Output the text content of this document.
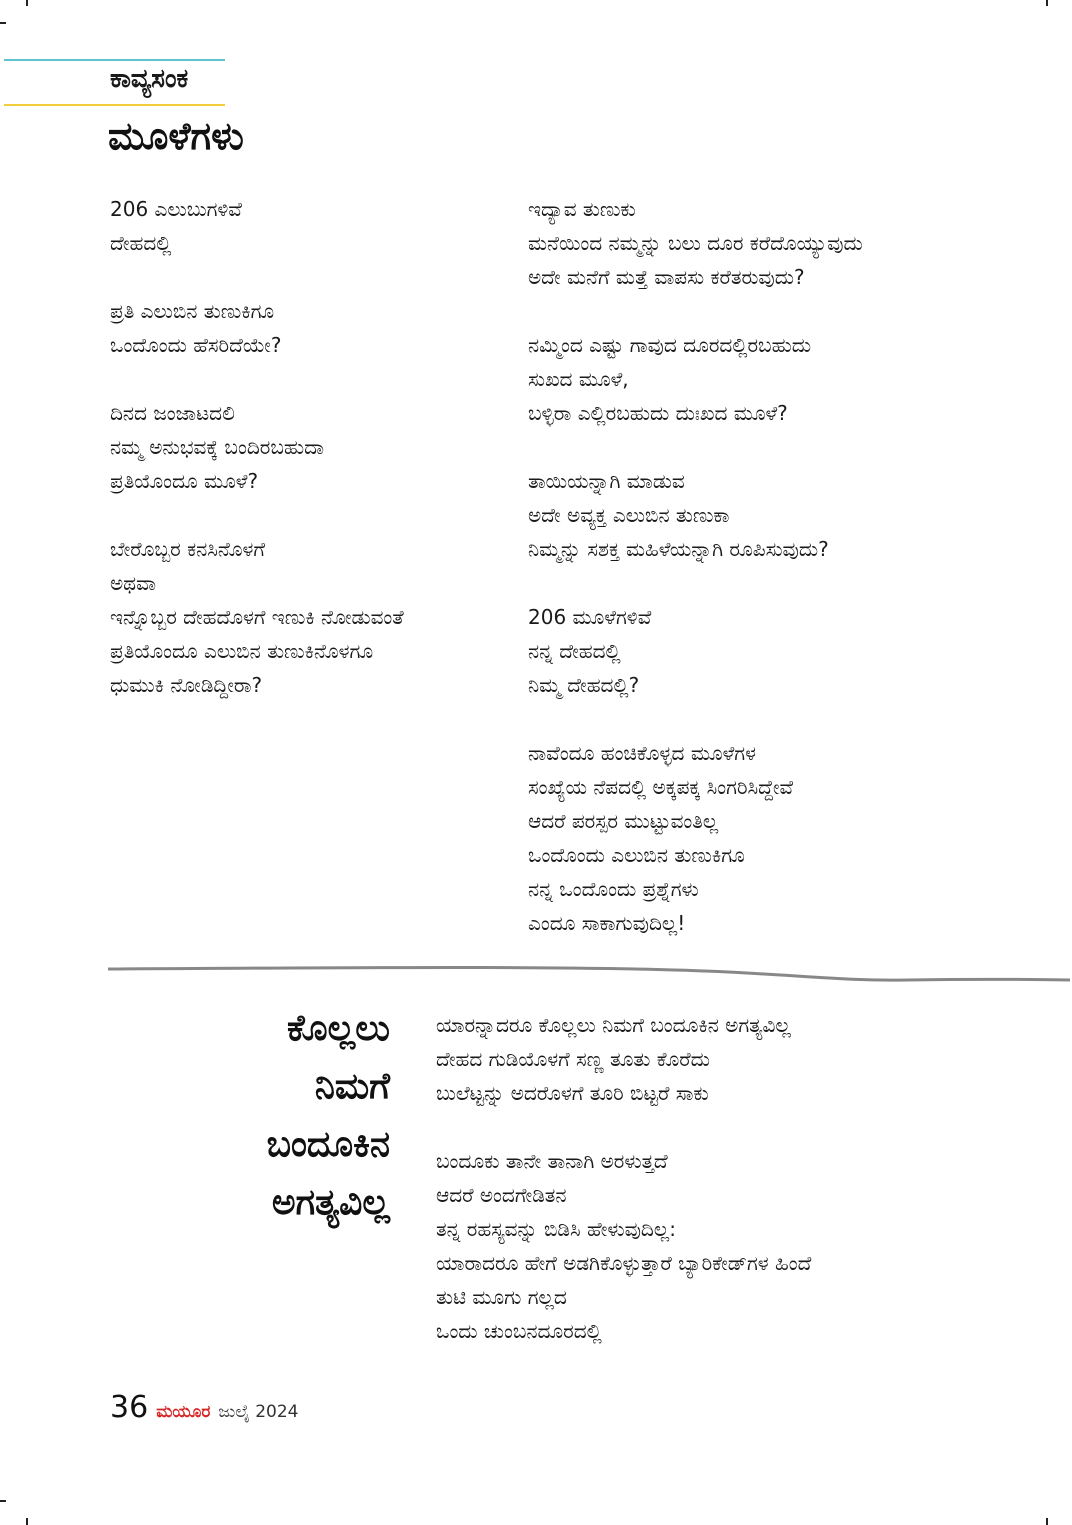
ಕಾವ್ಯಸಂಕ
ಮೂಳೆಗಳು
206 ಎಲುಬುಗಳಿವೆ
ದೇಹದಲ್ಲಿ
ಪ್ರತಿ ಎಲುಬಿನ ತುಣುಕಿಗೂ
ಒಂದೊಂದು ಹೆಸರಿದೆಯೇ?
ದಿನದ ಜಂಜಾಟದಲಿ
ನಮ್ಮ ಅನುಭವಕ್ಕೆ ಬಂದಿರಬಹುದಾ
ಪ್ರತಿಯೊಂದೂ ಮೂಳೆ?
ಬೇರೊಬ್ಬರ ಕನಸಿನೊಳಗೆ
ಅಥವಾ
ಇನ್ನೊಬ್ಬರ ದೇಹದೊಳಗೆ ಇಣುಕಿ ನೋಡುವಂತೆ
ಪ್ರತಿಯೊಂದೂ ಎಲುಬಿನ ತುಣುಕಿನೊಳಗೂ
ಧುಮುಕಿ ನೋಡಿದ್ದೀರಾ?
ಇದ್ಯಾವ ತುಣುಕು
ಮನೆಯಿಂದ ನಮ್ಮನ್ನು ಬಲು ದೂರ ಕರೆದೊಯ್ಯುವುದು
ಅದೇ ಮನೆಗೆ ಮತ್ತೆ ವಾಪಸು ಕರೆತರುವುದು?
ನಮ್ಮಿಂದ ಎಷ್ಟು ಗಾವುದ ದೂರದಲ್ಲಿರಬಹುದು
ಸುಖದ ಮೂಳೆ,
ಬಳ್ಳಿರಾ ಎಲ್ಲಿರಬಹುದು ದುಃಖದ ಮೂಳೆ?
ತಾಯಿಯನ್ನಾಗಿ ಮಾಡುವ
ಅದೇ ಅವ್ಯಕ್ತ ಎಲುಬಿನ ತುಣುಕಾ
ನಿಮ್ಮನ್ನು ಸಶಕ್ತ ಮಹಿಳೆಯನ್ನಾಗಿ ರೂಪಿಸುವುದು?
206 ಮೂಳೆಗಳಿವೆ
ನನ್ನ ದೇಹದಲ್ಲಿ
ನಿಮ್ಮ ದೇಹದಲ್ಲಿ?
ನಾವೆಂದೂ ಹಂಚಿಕೊಳ್ಳದ ಮೂಳೆಗಳ
ಸಂಖ್ಯೆಯ ನೆಪದಲ್ಲಿ ಅಕ್ಕಪಕ್ಕ ಸಿಂಗರಿಸಿದ್ದೇವೆ
ಆದರೆ ಪರಸ್ಪರ ಮುಟ್ಟುವಂತಿಲ್ಲ
ಒಂದೊಂದು ಎಲುಬಿನ ತುಣುಕಿಗೂ
ನನ್ನ ಒಂದೊಂದು ಪ್ರಶ್ನೆಗಳು
ಎಂದೂ ಸಾಕಾಗುವುದಿಲ್ಲ!
ಕೊಲ್ಲಲು
ನಿಮಗೆ
ಬಂದೂಕಿನ
ಅಗತ್ಯವಿಲ್ಲ
ಯಾರನ್ನಾದರೂ ಕೊಲ್ಲಲು ನಿಮಗೆ ಬಂದೂಕಿನ ಅಗತ್ಯವಿಲ್ಲ
ದೇಹದ ಗುಡಿಯೊಳಗೆ ಸಣ್ಣ ತೂತು ಕೊರೆದು
ಬುಲೆಟ್ಟನ್ನು ಅದರೊಳಗೆ ತೂರಿ ಬಿಟ್ಟರೆ ಸಾಕು
ಬಂದೂಕು ತಾನೇ ತಾನಾಗಿ ಅರಳುತ್ತದೆ
ಆದರೆ ಅಂದಗೇಡಿತನ
ತನ್ನ ರಹಸ್ಯವನ್ನು ಬಿಡಿಸಿ ಹೇಳುವುದಿಲ್ಲ:
ಯಾರಾದರೂ ಹೇಗೆ ಅಡಗಿಕೊಳ್ಳುತ್ತಾರೆ ಬ್ಯಾರಿಕೇಡ್‌ಗಳ ಹಿಂದೆ
ತುಟಿ ಮೂಗು ಗಲ್ಲದ
ಒಂದು ಚುಂಬನದೂರದಲ್ಲಿ
36 ಮಯೂರ ಜುಲೈ 2024
